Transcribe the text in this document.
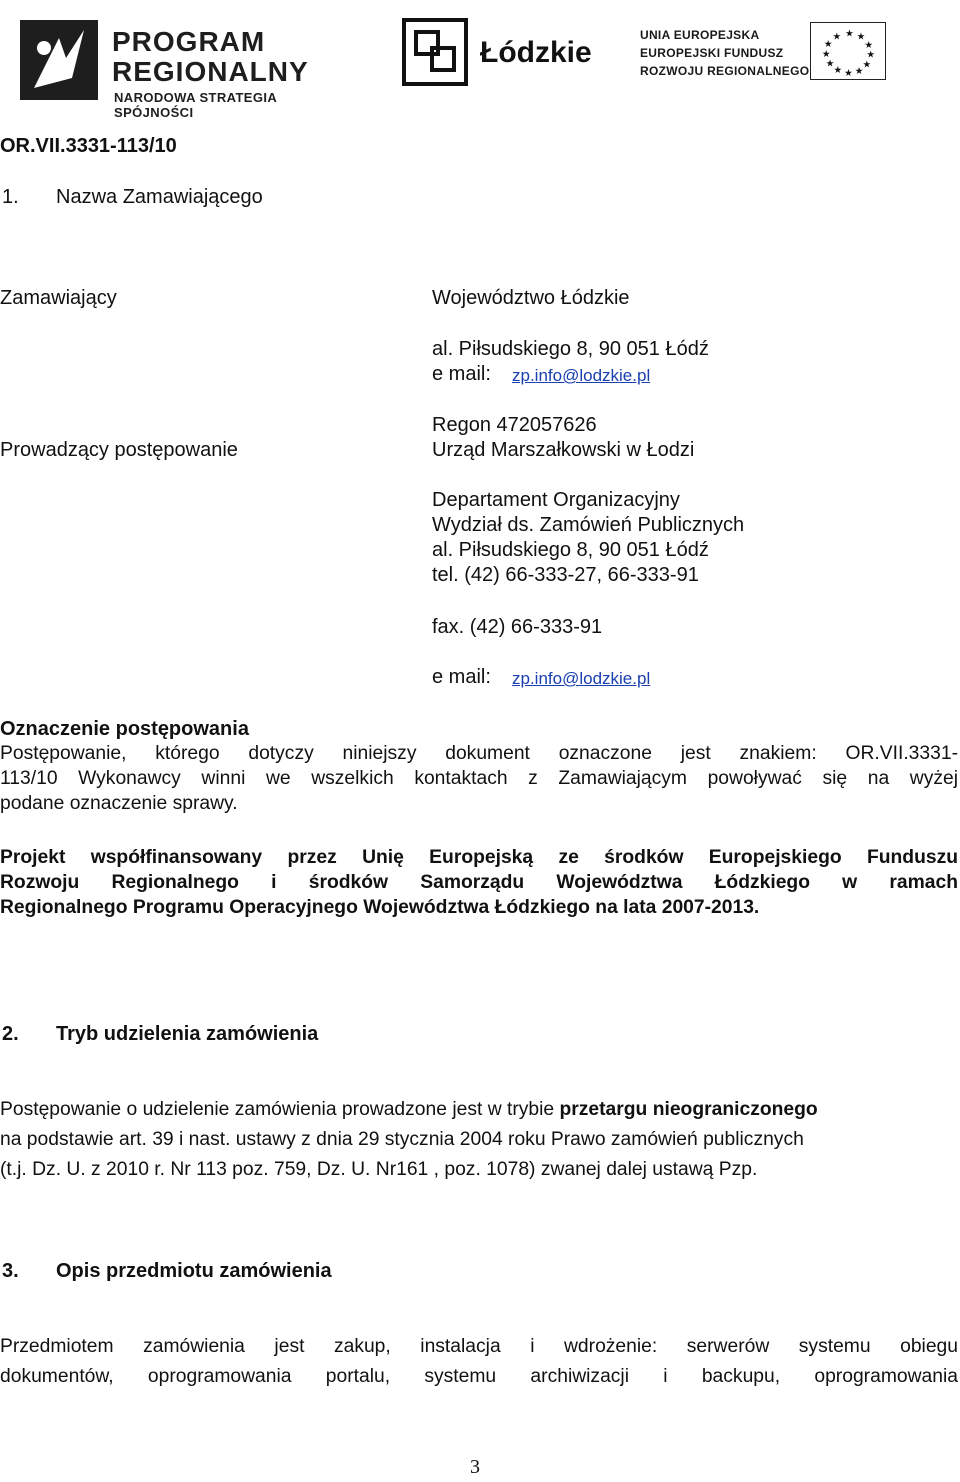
PROGRAM
REGIONALNY
NARODOWA STRATEGIA SPÓJNOŚCI
Łódzkie
UNIA EUROPEJSKA
EUROPEJSKI FUNDUSZ
ROZWOJU REGIONALNEGO
★ ★
★
★
★
★
★
★
★
★
★
★
OR.VII.3331-113/10
1. Nazwa Zamawiającego
Zamawiający	Województwo Łódzkie
al. Piłsudskiego 8, 90 051 Łódź
e mail: zp.info@lodzkie.pl
Regon 472057626
Prowadzący postępowanie	Urząd Marszałkowski w Łodzi
Departament Organizacyjny
Wydział ds. Zamówień Publicznych
al. Piłsudskiego 8, 90 051 Łódź
tel. (42) 66-333-27, 66-333-91
fax. (42) 66-333-91
e mail: zp.info@lodzkie.pl
Oznaczenie postępowania
Postępowanie, którego dotyczy niniejszy dokument oznaczone jest znakiem: OR.VII.3331-
113/10 Wykonawcy winni we wszelkich kontaktach z Zamawiającym powoływać się na wyżej
podane oznaczenie sprawy.
Projekt współfinansowany przez Unię Europejską ze środków Europejskiego Funduszu
Rozwoju Regionalnego i środków Samorządu Województwa Łódzkiego w ramach
Regionalnego Programu Operacyjnego Województwa Łódzkiego na lata 2007-2013.
2. Tryb udzielenia zamówienia
Postępowanie o udzielenie zamówienia prowadzone jest w trybie przetargu nieograniczonego
na podstawie art. 39 i nast. ustawy z dnia 29 stycznia 2004 roku Prawo zamówień publicznych
(t.j. Dz. U. z 2010 r. Nr 113 poz. 759, Dz. U. Nr161 , poz. 1078) zwanej dalej ustawą Pzp.
3. Opis przedmiotu zamówienia
Przedmiotem zamówienia jest zakup, instalacja i wdrożenie: serwerów systemu obiegu
dokumentów, oprogramowania portalu, systemu archiwizacji i backupu, oprogramowania
3
